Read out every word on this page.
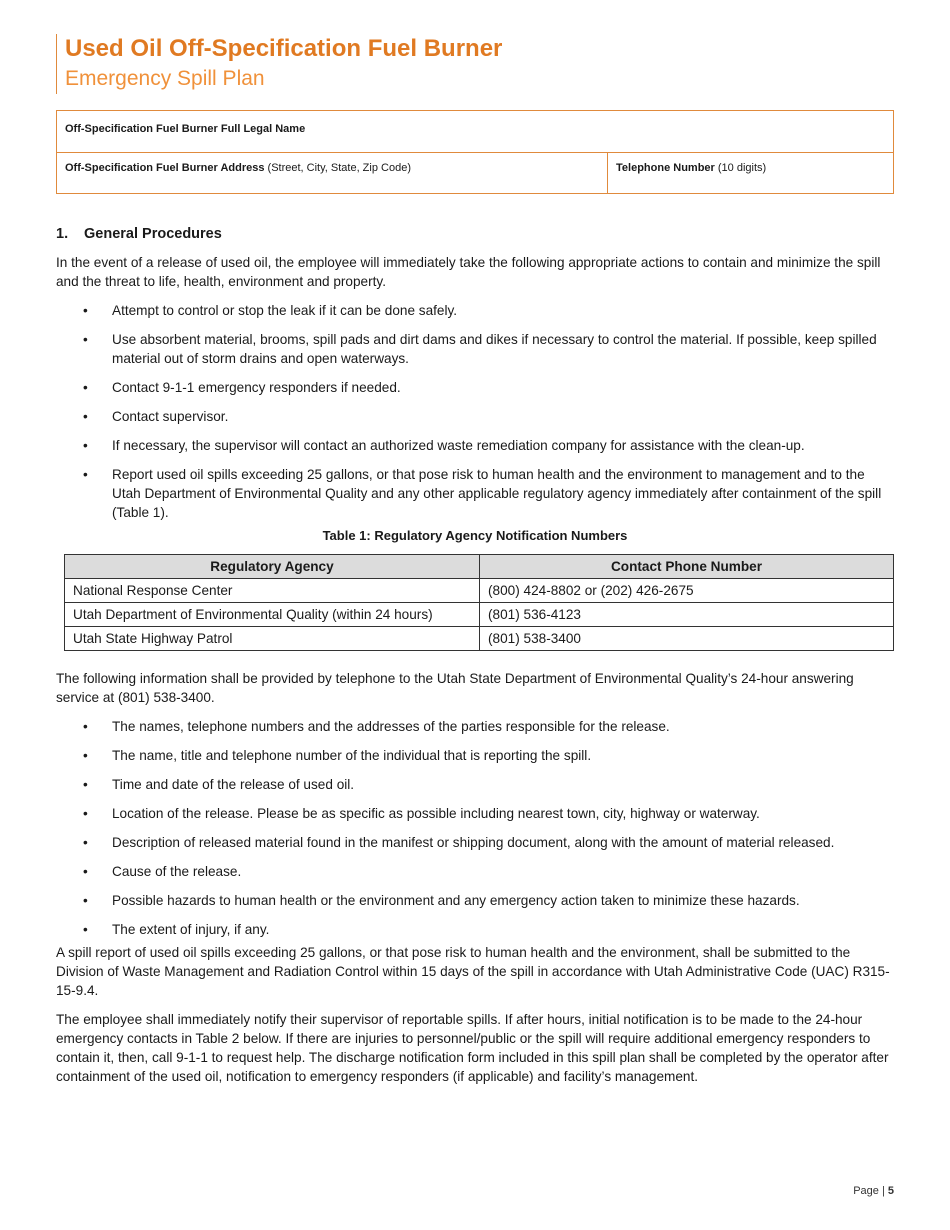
Used Oil Off-Specification Fuel Burner
Emergency Spill Plan
Off-Specification Fuel Burner Full Legal Name
Off-Specification Fuel Burner Address (Street, City, State, Zip Code)	Telephone Number (10 digits)
1. General Procedures

In the event of a release of used oil, the employee will immediately take the following appropriate actions to contain and minimize the spill and the threat to life, health, environment and property.

• Attempt to control or stop the leak if it can be done safely.
• Use absorbent material, brooms, spill pads and dirt dams and dikes if necessary to control the material. If possible, keep spilled material out of storm drains and open waterways.
• Contact 9-1-1 emergency responders if needed.
• Contact supervisor.
• If necessary, the supervisor will contact an authorized waste remediation company for assistance with the clean-up.
• Report used oil spills exceeding 25 gallons, or that pose risk to human health and the environment to management and to the Utah Department of Environmental Quality and any other applicable regulatory agency immediately after containment of the spill (Table 1).
Table 1: Regulatory Agency Notification Numbers
Regulatory Agency	Contact Phone Number
National Response Center	(800) 424-8802 or (202) 426-2675
Utah Department of Environmental Quality (within 24 hours)	(801) 536-4123
Utah State Highway Patrol	(801) 538-3400

The following information shall be provided by telephone to the Utah State Department of Environmental Quality’s 24-hour answering service at (801) 538-3400.

• The names, telephone numbers and the addresses of the parties responsible for the release.
• The name, title and telephone number of the individual that is reporting the spill.
• Time and date of the release of used oil.
• Location of the release. Please be as specific as possible including nearest town, city, highway or waterway.
• Description of released material found in the manifest or shipping document, along with the amount of material released.
• Cause of the release.
• Possible hazards to human health or the environment and any emergency action taken to minimize these hazards.
• The extent of injury, if any.

A spill report of used oil spills exceeding 25 gallons, or that pose risk to human health and the environment, shall be submitted to the Division of Waste Management and Radiation Control within 15 days of the spill in accordance with Utah Administrative Code (UAC) R315-15-9.4.

The employee shall immediately notify their supervisor of reportable spills. If after hours, initial notification is to be made to the 24-hour emergency contacts in Table 2 below. If there are injuries to personnel/public or the spill will require additional emergency responders to contain it, then, call 9-1-1 to request help. The discharge notification form included in this spill plan shall be completed by the operator after containment of the used oil, notification to emergency responders (if applicable) and facility’s management.

Page | 5
